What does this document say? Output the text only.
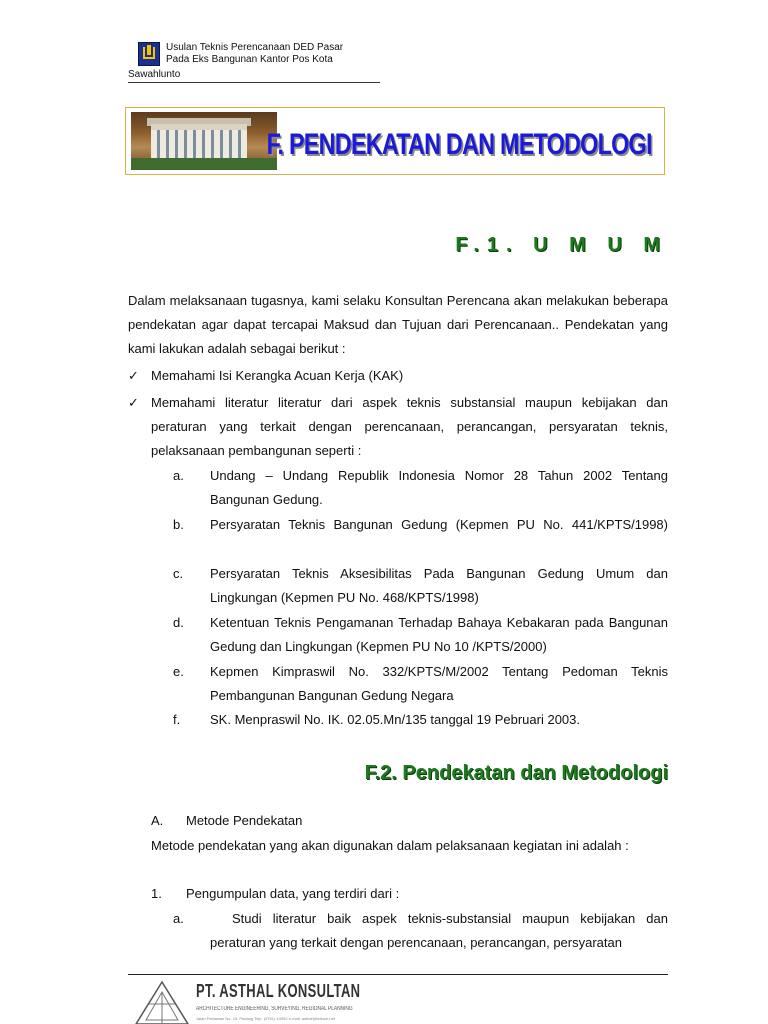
Usulan Teknis Perencanaan DED Pasar
Pada Eks Bangunan Kantor Pos Kota
Sawahlunto
F. PENDEKATAN DAN METODOLOGI
F.1. U M U M
Dalam melaksanaan tugasnya, kami selaku Konsultan Perencana akan melakukan beberapa pendekatan agar dapat tercapai Maksud dan Tujuan dari Perencanaan.. Pendekatan yang kami lakukan adalah sebagai berikut :
✓ Memahami Isi Kerangka Acuan Kerja (KAK)
✓ Memahami literatur literatur dari aspek teknis substansial maupun kebijakan dan peraturan yang terkait dengan perencanaan, perancangan, persyaratan teknis, pelaksanaan pembangunan seperti :
a. Undang – Undang Republik Indonesia Nomor 28 Tahun 2002 Tentang Bangunan Gedung.
b. Persyaratan Teknis Bangunan Gedung (Kepmen PU No. 441/KPTS/1998)
c. Persyaratan Teknis Aksesibilitas Pada Bangunan Gedung Umum dan Lingkungan (Kepmen PU No. 468/KPTS/1998)
d. Ketentuan Teknis Pengamanan Terhadap Bahaya Kebakaran pada Bangunan Gedung dan Lingkungan (Kepmen PU No 10 /KPTS/2000)
e. Kepmen Kimpraswil No. 332/KPTS/M/2002 Tentang Pedoman Teknis Pembangunan Bangunan Gedung Negara
f. SK. Menpraswil No. IK. 02.05.Mn/135 tanggal 19 Pebruari 2003.
F.2. Pendekatan dan Metodologi
A. Metode Pendekatan
Metode pendekatan yang akan digunakan dalam pelaksanaan kegiatan ini adalah :
1. Pengumpulan data, yang terdiri dari :
a.	Studi literatur baik aspek teknis-substansial maupun kebijakan dan peraturan yang terkait dengan perencanaan, perancangan, persyaratan
PT. ASTHAL KONSULTAN
ARCHITECTURE ENGINEERING, SURVEYING, REGIONAL PLANNING
Jalan Pahlawan No. 15, Padang Telp. (0751) 44992 e-mail: asthal@telkom.net
